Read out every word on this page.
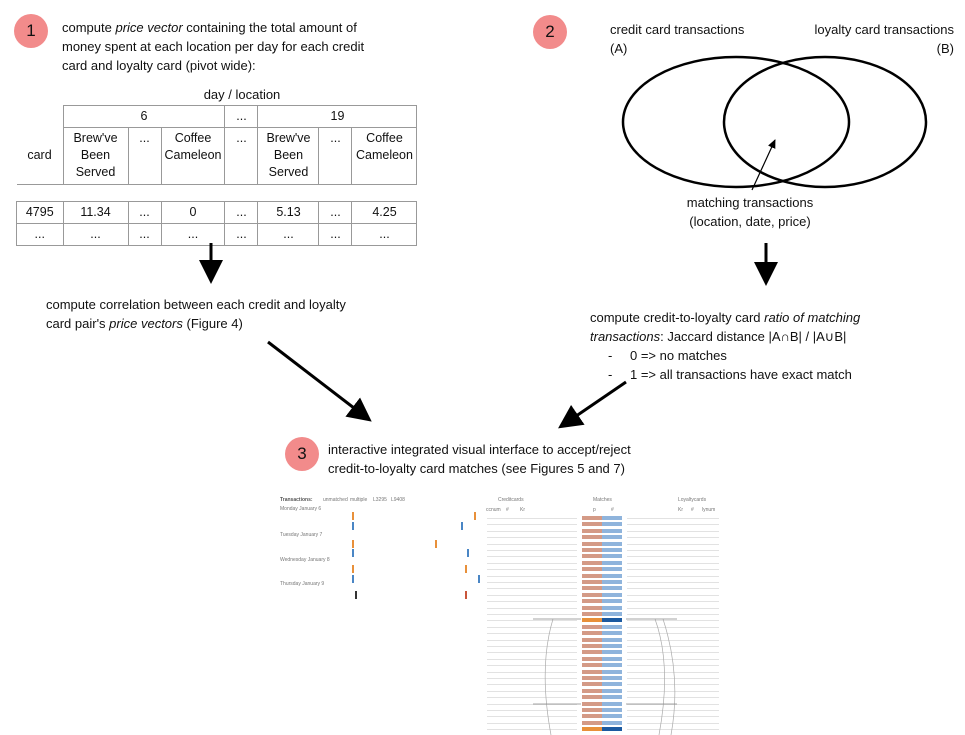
1	compute price vector containing the total amount of money spent at each location per day for each credit card and loyalty card (pivot wide):
day / location
	6			...	19		
card	Brew've Been Served	...	Coffee Cameleon	...	Brew've Been Served	...	Coffee Cameleon

4795	11.34	...	0	...	5.13	...	4.25
...	...	...	...	...	...	...	...
compute correlation between each credit and loyalty card pair's price vectors (Figure 4)
2	credit card transactions
(A)
loyalty card transactions
(B)
matching transactions
(location, date, price)
compute credit-to-loyalty card ratio of matching
transactions: Jaccard distance |A∩B| / |A∪B|
- 0 => no matches
- 1 => all transactions have exact match
3	interactive integrated visual interface to accept/reject
credit-to-loyalty card matches (see Figures 5 and 7)
Transactions: unmatched multiple L3295 L9408
Monday January 6
Tuesday January 7
Wednesday January 8
Thursday January 9
Creditcards	Matches	Loyaltycards
ccnum # Kr	p	#	Kr # lynum
